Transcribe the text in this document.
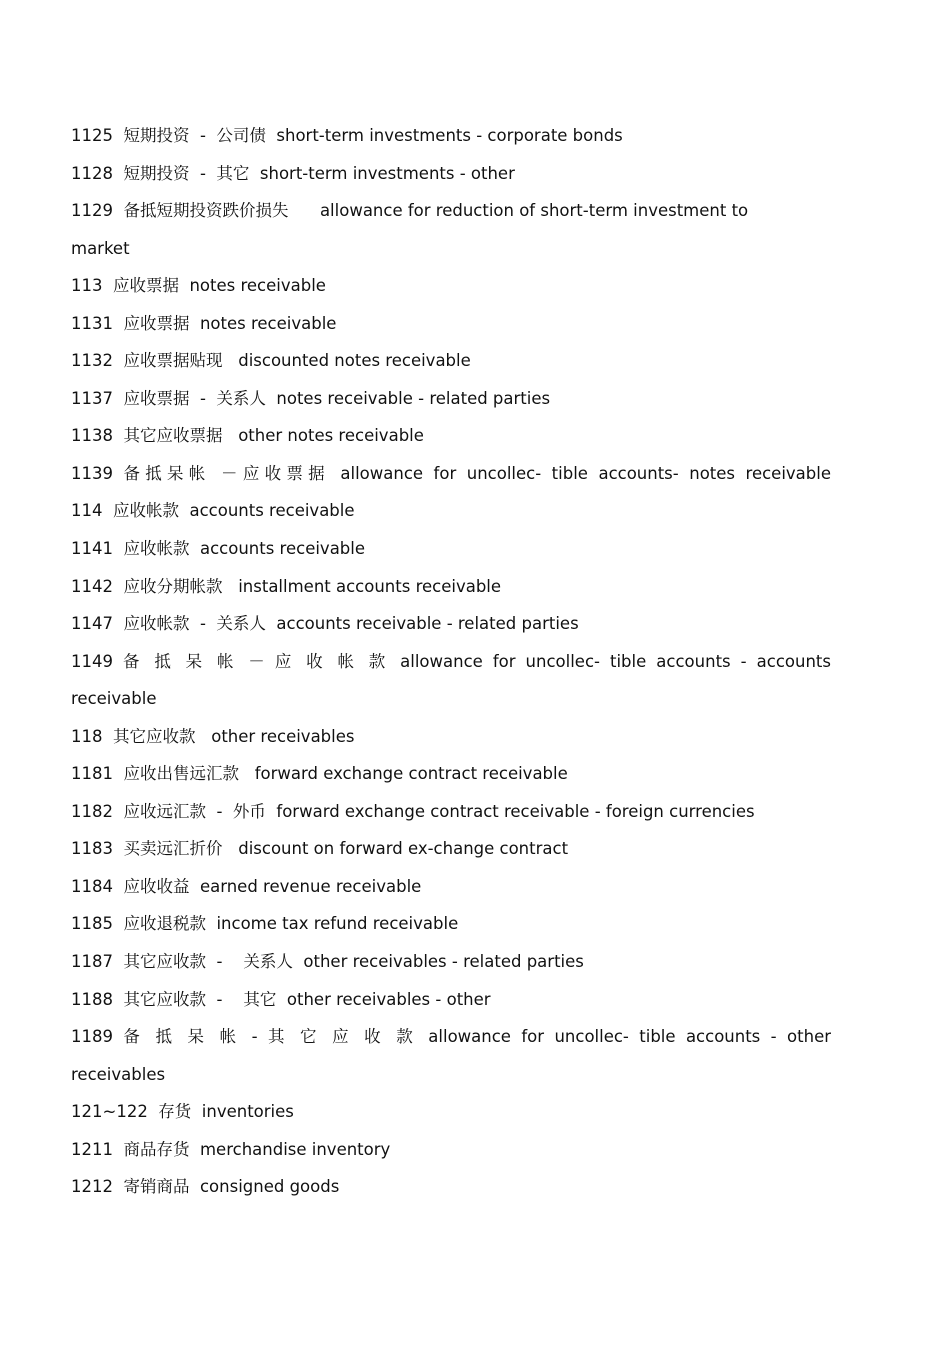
1125  短期投资  -  公司债  short-term investments - corporate bonds
1128  短期投资  -  其它  short-term investments - other
1129  备抵短期投资跌价损失      allowance for reduction of short-term investment to
market
113  应收票据  notes receivable
1131  应收票据  notes receivable
1132  应收票据贴现   discounted notes receivable
1137  应收票据  -  关系人  notes receivable - related parties
1138  其它应收票据   other notes receivable
1139 备抵呆帐 －应收票据 allowance for uncollec- tible accounts- notes receivable
114  应收帐款  accounts receivable
1141  应收帐款  accounts receivable
1142  应收分期帐款   installment accounts receivable
1147  应收帐款  -  关系人  accounts receivable - related parties
1149 备 抵 呆 帐 － 应 收 帐 款 allowance for uncollec- tible accounts - accounts
receivable
118  其它应收款   other receivables
1181  应收出售远汇款   forward exchange contract receivable
1182  应收远汇款  -  外币  forward exchange contract receivable - foreign currencies
1183  买卖远汇折价   discount on forward ex-change contract
1184  应收收益  earned revenue receivable
1185  应收退税款  income tax refund receivable
1187  其它应收款  -    关系人  other receivables - related parties
1188  其它应收款  -    其它  other receivables - other
1189 备 抵 呆 帐 - 其 它 应 收 款 allowance for uncollec- tible accounts - other
receivables
121~122  存货  inventories
1211  商品存货  merchandise inventory
1212  寄销商品  consigned goods
